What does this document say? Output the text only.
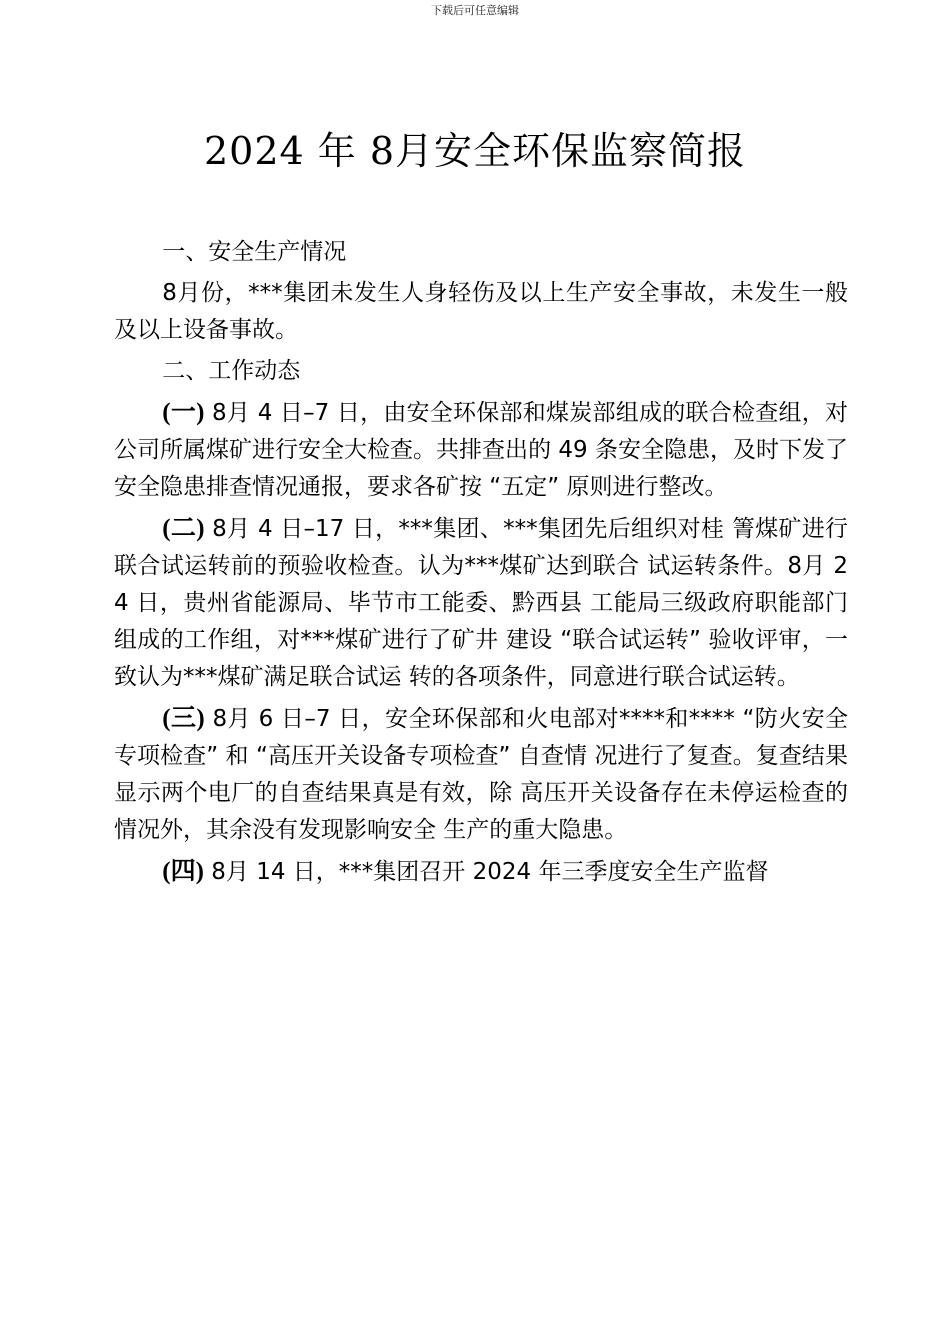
下载后可任意编辑
2024 年 8月安全环保监察简报

一、安全生产情况

8月份，***集团未发生人身轻伤及以上生产安全事故，未发生一般及以上设备事故。

二、工作动态

(一) 8月 4 日–7 日，由安全环保部和煤炭部组成的联合检查组，对公司所属煤矿进行安全大检查。共排查出的 49 条安全隐患，及时下发了安全隐患排查情况通报，要求各矿按 “五定” 原则进行整改。

(二) 8月 4 日–17 日，***集团、***集团先后组织对桂 箐煤矿进行联合试运转前的预验收检查。认为***煤矿达到联合 试运转条件。8月 24 日，贵州省能源局、毕节市工能委、黔西县 工能局三级政府职能部门组成的工作组，对***煤矿进行了矿井 建设 “联合试运转” 验收评审，一致认为***煤矿满足联合试运 转的各项条件，同意进行联合试运转。

(三) 8月 6 日–7 日，安全环保部和火电部对****和**** “防火安全专项检查” 和 “高压开关设备专项检查” 自查情 况进行了复查。复查结果显示两个电厂的自查结果真是有效，除 高压开关设备存在未停运检查的情况外，其余没有发现影响安全 生产的重大隐患。

(四) 8月 14 日，***集团召开 2024 年三季度安全生产监督
